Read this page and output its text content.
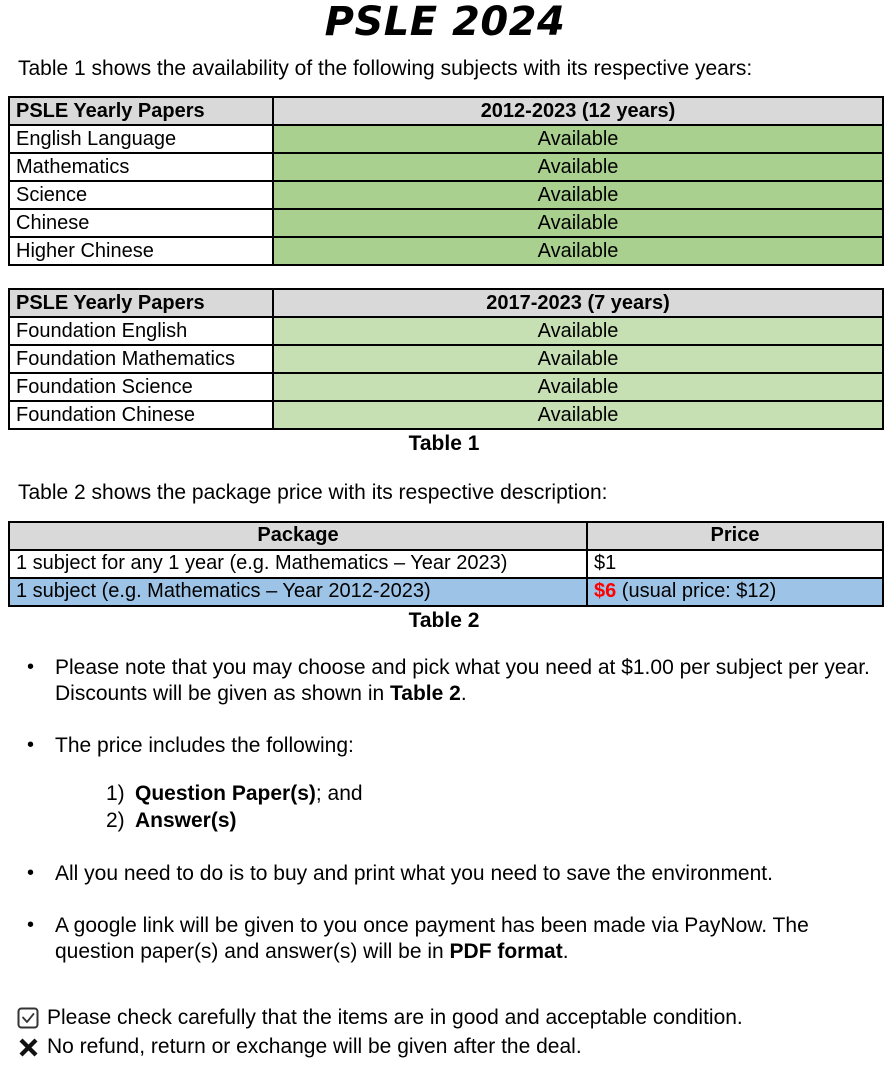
PSLE 2024

Table 1 shows the availability of the following subjects with its respective years:

PSLE Yearly Papers	2012-2023 (12 years)
English Language	Available
Mathematics	Available
Science	Available
Chinese	Available
Higher Chinese	Available
PSLE Yearly Papers	2017-2023 (7 years)
Foundation English	Available
Foundation Mathematics	Available
Foundation Science	Available
Foundation Chinese	Available
Table 1

Table 2 shows the package price with its respective description:

Package	Price
1 subject for any 1 year (e.g. Mathematics – Year 2023)	$1
1 subject (e.g. Mathematics – Year 2012-2023)	$6 (usual price: $12)
Table 2
• Please note that you may choose and pick what you need at $1.00 per subject per year. Discounts will be given as shown in Table 2.
• The price includes the following:
1) Question Paper(s); and
2) Answer(s)
• All you need to do is to buy and print what you need to save the environment.
• A google link will be given to you once payment has been made via PayNow. The question paper(s) and answer(s) will be in PDF format.
Please check carefully that the items are in good and acceptable condition.
No refund, return or exchange will be given after the deal.
